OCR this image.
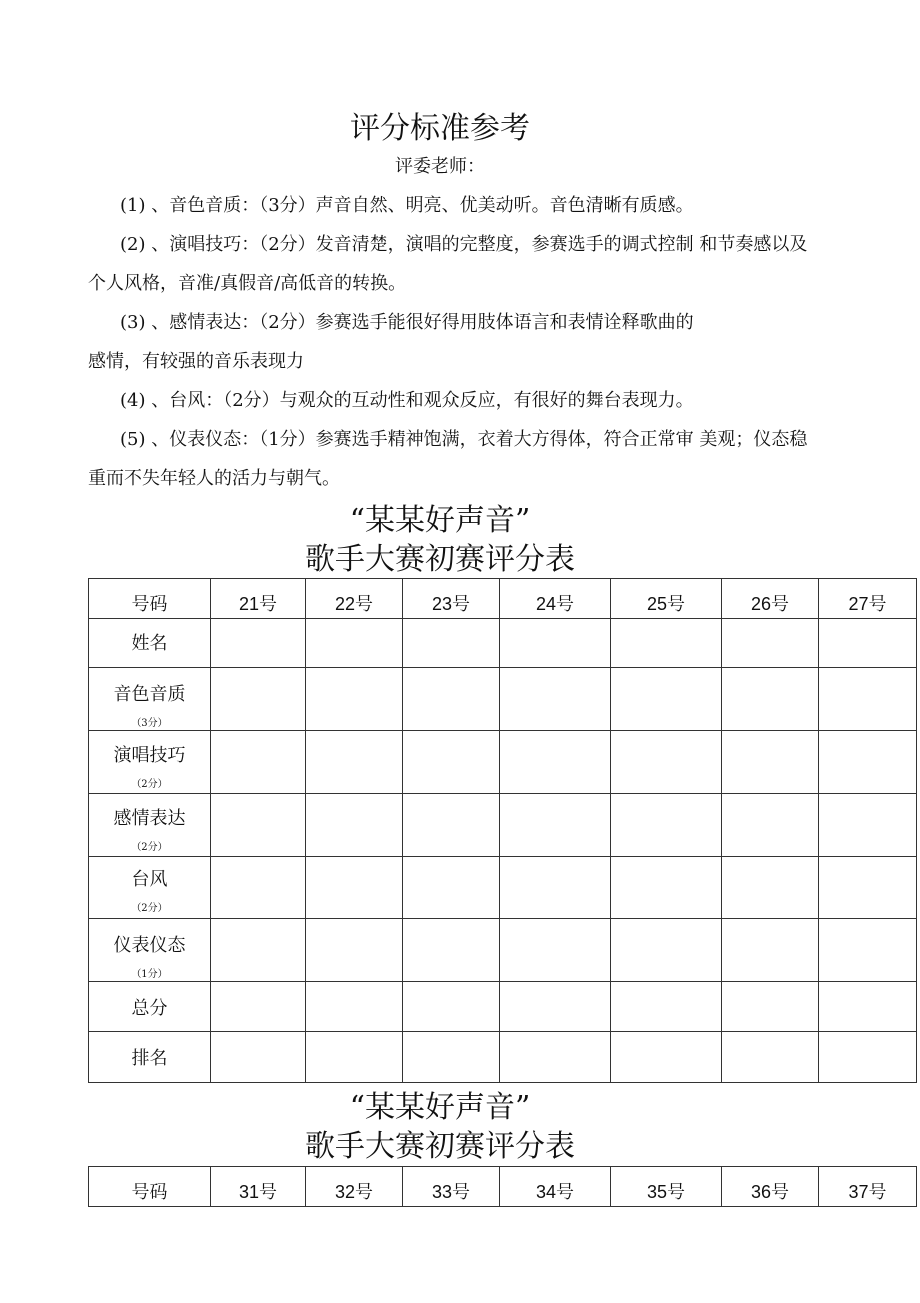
评分标准参考
评委老师：
(1) 、音色音质：（3分）声音自然、明亮、优美动听。音色清晰有质感。
(2) 、演唱技巧：（2分）发音清楚，演唱的完整度，参赛选手的调式控制 和节奏感以及
个人风格，音准/真假音/高低音的转换。
(3) 、感情表达：（2分）参赛选手能很好得用肢体语言和表情诠释歌曲的
感情，有较强的音乐表现力
(4) 、台风：（2分）与观众的互动性和观众反应，有很好的舞台表现力。
(5) 、仪表仪态：（1分）参赛选手精神饱满，衣着大方得体，符合正常审 美观；仪态稳
重而不失年轻人的活力与朝气。
“某某好声音”
歌手大赛初赛评分表
号码	21号	22号	23号	24号	25号	26号	27号
姓名							
音色音质
（3分）							

演唱技巧
（2分）							

感情表达
（2分）							

台风
（2分）							

仪表仪态
（1分）							

总分							
排名							
“某某好声音”
歌手大赛初赛评分表
号码	31号	32号	33号	34号	35号	36号	37号
